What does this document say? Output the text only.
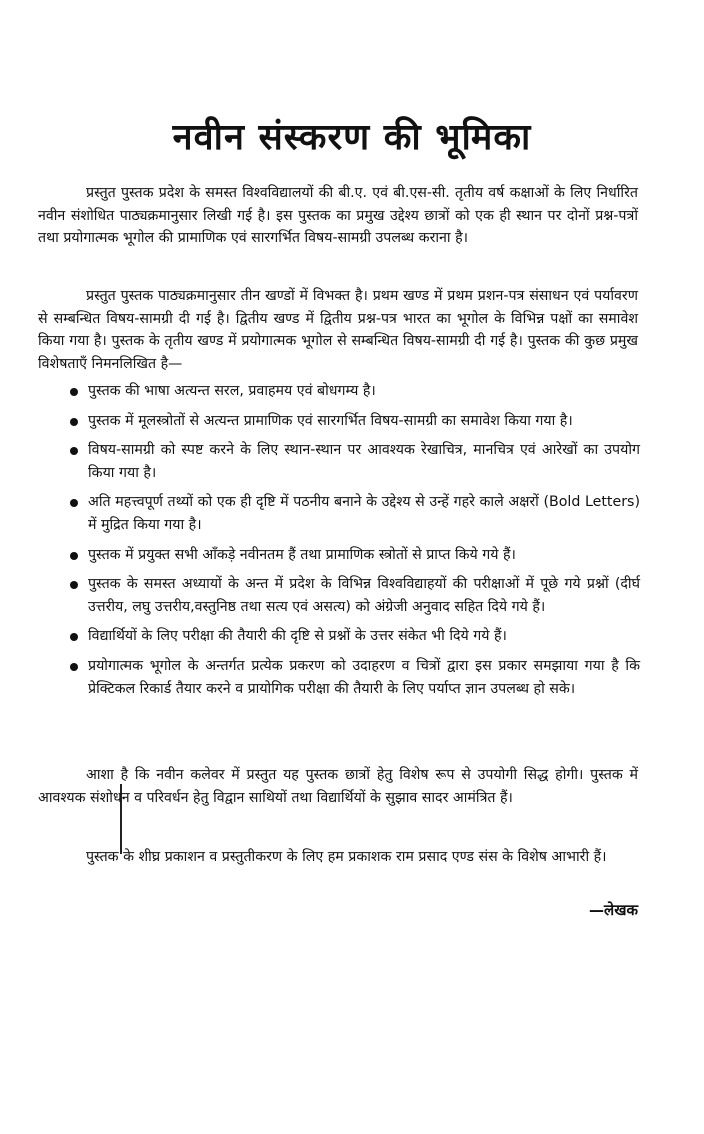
नवीन संस्करण की भूमिका

प्रस्तुत पुस्तक प्रदेश के समस्त विश्वविद्यालयों की बी.ए. एवं बी.एस-सी. तृतीय वर्ष कक्षाओं के लिए निर्धारित नवीन संशोधित पाठ्यक्रमानुसार लिखी गई है। इस पुस्तक का प्रमुख उद्देश्य छात्रों को एक ही स्थान पर दोनों प्रश्न-पत्रों तथा प्रयोगात्मक भूगोल की प्रामाणिक एवं सारगर्भित विषय-सामग्री उपलब्ध कराना है।

प्रस्तुत पुस्तक पाठ्यक्रमानुसार तीन खण्डों में विभक्त है। प्रथम खण्ड में प्रथम प्रशन-पत्र संसाधन एवं पर्यावरण से सम्बन्धित विषय-सामग्री दी गई है। द्वितीय खण्ड में द्वितीय प्रश्न-पत्र भारत का भूगोल के विभिन्न पक्षों का समावेश किया गया है। पुस्तक के तृतीय खण्ड में प्रयोगात्मक भूगोल से सम्बन्धित विषय-सामग्री दी गई है। पुस्तक की कुछ प्रमुख विशेषताएँ निमनलिखित है—

पुस्तक की भाषा अत्यन्त सरल, प्रवाहमय एवं बोधगम्य है।
पुस्तक में मूलस्त्रोतों से अत्यन्त प्रामाणिक एवं सारगर्भित विषय-सामग्री का समावेश किया गया है।
विषय-सामग्री को स्पष्ट करने के लिए स्थान-स्थान पर आवश्यक रेखाचित्र, मानचित्र एवं आरेखों का उपयोग किया गया है।
अति महत्त्वपूर्ण तथ्यों को एक ही दृष्टि में पठनीय बनाने के उद्देश्य से उन्हें गहरे काले अक्षरों (Bold Letters) में मुद्रित किया गया है।
पुस्तक में प्रयुक्त सभी आँकड़े नवीनतम हैं तथा प्रामाणिक स्त्रोतों से प्राप्त किये गये हैं।
पुस्तक के समस्त अध्यायों के अन्त में प्रदेश के विभिन्न विश्वविद्याहयों की परीक्षाओं में पूछे गये प्रश्नों (दीर्घ उत्तरीय, लघु उत्तरीय,वस्तुनिष्ठ तथा सत्य एवं असत्य) को अंग्रेजी अनुवाद सहित दिये गये हैं।
विद्यार्थियों के लिए परीक्षा की तैयारी की दृष्टि से प्रश्नों के उत्तर संकेत भी दिये गये हैं।
प्रयोगात्मक भूगोल के अन्तर्गत प्रत्येक प्रकरण को उदाहरण व चित्रों द्वारा इस प्रकार समझाया गया है कि प्रेक्टिकल रिकार्ड तैयार करने व प्रायोगिक परीक्षा की तैयारी के लिए पर्याप्त ज्ञान उपलब्ध हो सके।

आशा है कि नवीन कलेवर में प्रस्तुत यह पुस्तक छात्रों हेतु विशेष रूप से उपयोगी सिद्ध होगी। पुस्तक में आवश्यक संशोधन व परिवर्धन हेतु विद्वान साथियों तथा विद्यार्थियों के सुझाव सादर आमंत्रित हैं।

पुस्तक के शीघ्र प्रकाशन व प्रस्तुतीकरण के लिए हम प्रकाशक राम प्रसाद एण्ड संस के विशेष आभारी हैं।

—लेखक
